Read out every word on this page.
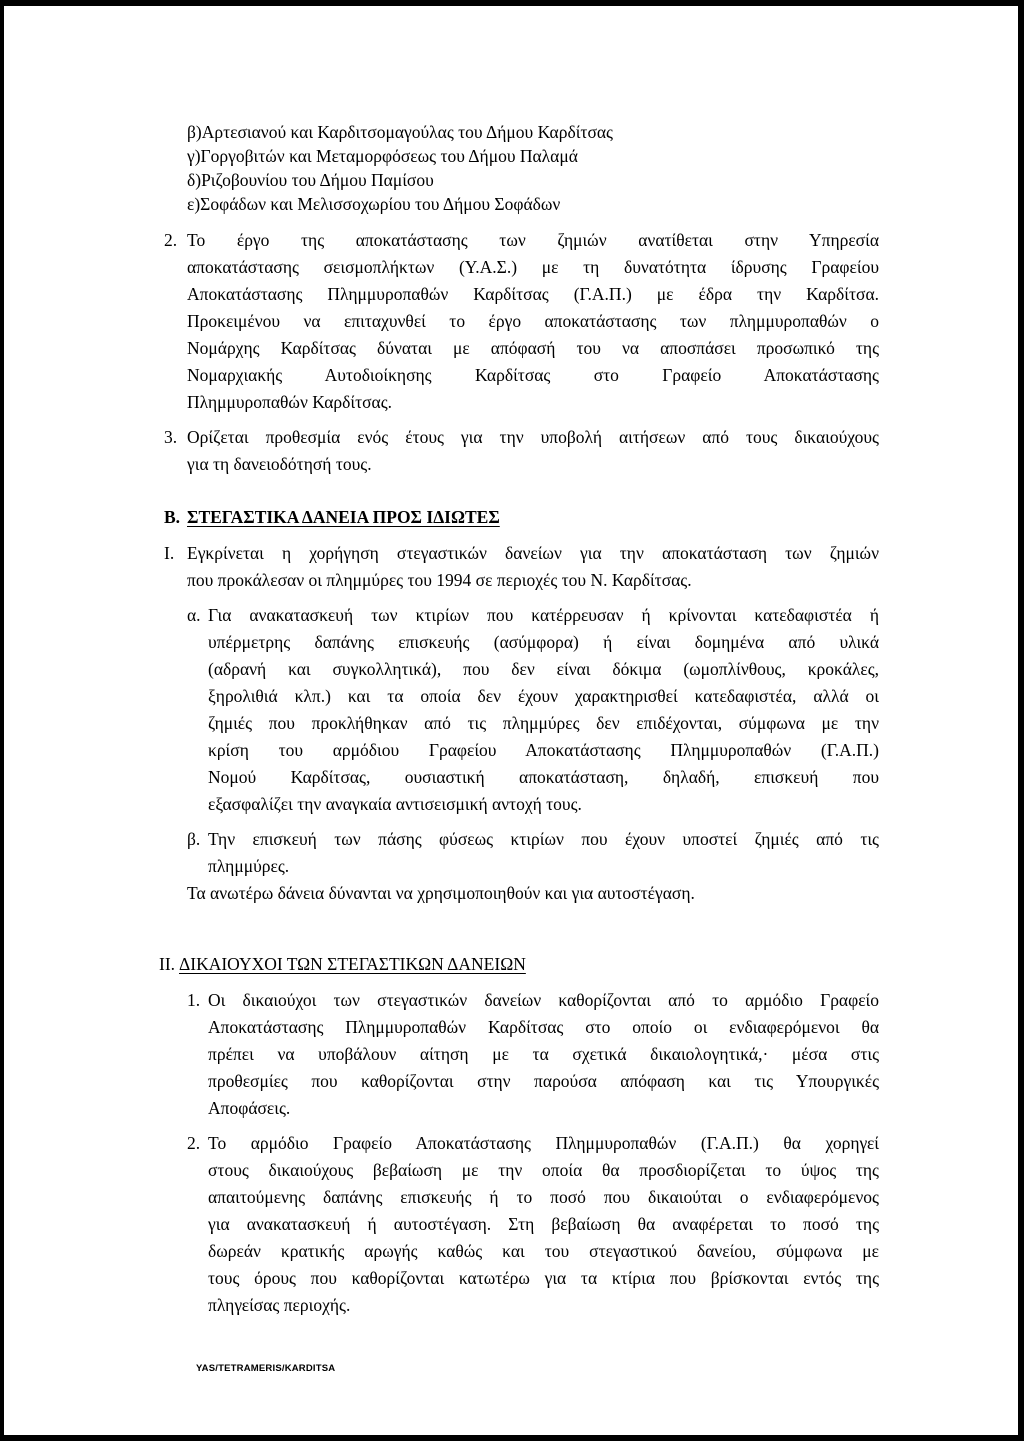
β)Αρτεσιανού και Καρδιτσομαγούλας του Δήμου Καρδίτσας
γ)Γοργοβιτών και Μεταμορφόσεως του Δήμου Παλαμά
δ)Ριζοβουνίου του Δήμου Παμίσου
ε)Σοφάδων και Μελισσοχωρίου του Δήμου Σοφάδων
2. Το έργο της αποκατάστασης των ζημιών ανατίθεται στην Υπηρεσία
αποκατάστασης σεισμοπλήκτων (Υ.Α.Σ.) με τη δυνατότητα ίδρυσης Γραφείου
Αποκατάστασης Πλημμυροπαθών Καρδίτσας (Γ.Α.Π.) με έδρα την Καρδίτσα.
Προκειμένου να επιταχυνθεί το έργο αποκατάστασης των πλημμυροπαθών ο
Νομάρχης Καρδίτσας δύναται με απόφασή του να αποσπάσει προσωπικό της
Νομαρχιακής Αυτοδιοίκησης Καρδίτσας στο Γραφείο Αποκατάστασης
Πλημμυροπαθών Καρδίτσας.
3. Ορίζεται προθεσμία ενός έτους για την υποβολή αιτήσεων από τους δικαιούχους
για τη δανειοδότησή τους.
Β. ΣΤΕΓΑΣΤΙΚΑ ΔΑΝΕΙΑ ΠΡΟΣ ΙΔΙΩΤΕΣ
Ι. Εγκρίνεται η χορήγηση στεγαστικών δανείων για την αποκατάσταση των ζημιών
που προκάλεσαν οι πλημμύρες του 1994 σε περιοχές του Ν. Καρδίτσας.
α. Για ανακατασκευή των κτιρίων που κατέρρευσαν ή κρίνονται κατεδαφιστέα ή
υπέρμετρης δαπάνης επισκευής (ασύμφορα) ή είναι δομημένα από υλικά
(αδρανή και συγκολλητικά), που δεν είναι δόκιμα (ωμοπλίνθους, κροκάλες,
ξηρολιθιά κλπ.) και τα οποία δεν έχουν χαρακτηρισθεί κατεδαφιστέα, αλλά οι
ζημιές που προκλήθηκαν από τις πλημμύρες δεν επιδέχονται, σύμφωνα με την
κρίση του αρμόδιου Γραφείου Αποκατάστασης Πλημμυροπαθών (Γ.Α.Π.)
Νομού Καρδίτσας, ουσιαστική αποκατάσταση, δηλαδή, επισκευή που
εξασφαλίζει την αναγκαία αντισεισμική αντοχή τους.
β. Την επισκευή των πάσης φύσεως κτιρίων που έχουν υποστεί ζημιές από τις
πλημμύρες.
Τα ανωτέρω δάνεια δύνανται να χρησιμοποιηθούν και για αυτοστέγαση.
ΙΙ. ΔΙΚΑΙΟΥΧΟΙ ΤΩΝ ΣΤΕΓΑΣΤΙΚΩΝ ΔΑΝΕΙΩΝ
1. Οι δικαιούχοι των στεγαστικών δανείων καθορίζονται από το αρμόδιο Γραφείο
Αποκατάστασης Πλημμυροπαθών Καρδίτσας στο οποίο οι ενδιαφερόμενοι θα
πρέπει να υποβάλουν αίτηση με τα σχετικά δικαιολογητικά,· μέσα στις
προθεσμίες που καθορίζονται στην παρούσα απόφαση και τις Υπουργικές
Αποφάσεις.
2. Το αρμόδιο Γραφείο Αποκατάστασης Πλημμυροπαθών (Γ.Α.Π.) θα χορηγεί
στους δικαιούχους βεβαίωση με την οποία θα προσδιορίζεται το ύψος της
απαιτούμενης δαπάνης επισκευής ή το ποσό που δικαιούται ο ενδιαφερόμενος
για ανακατασκευή ή αυτοστέγαση. Στη βεβαίωση θα αναφέρεται το ποσό της
δωρεάν κρατικής αρωγής καθώς και του στεγαστικού δανείου, σύμφωνα με
τους όρους που καθορίζονται κατωτέρω για τα κτίρια που βρίσκονται εντός της
πληγείσας περιοχής.
YAS/TETRAMERIS/KARDITSA
